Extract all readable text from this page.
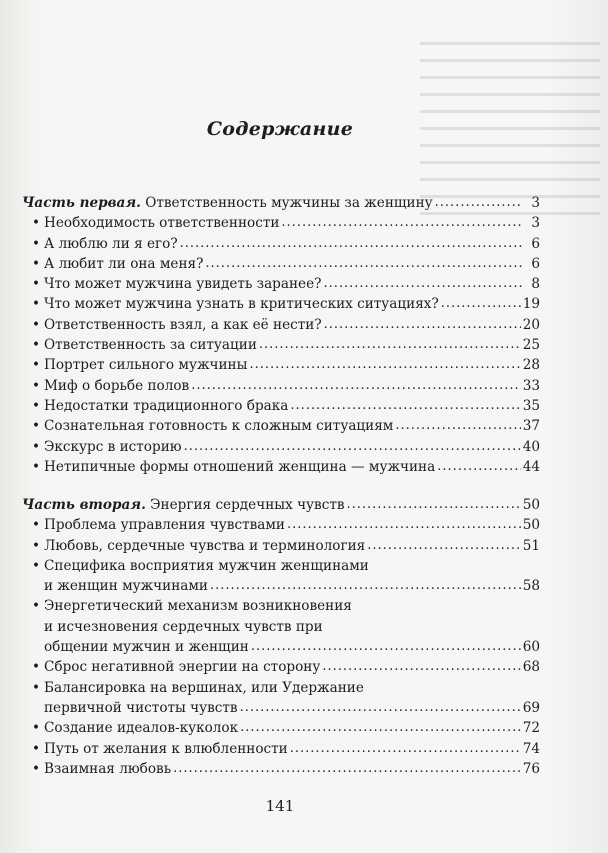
Содержание
Часть первая. Ответственность мужчины за женщину .....	3
• Необходимость ответственности .....	3
• А люблю ли я его? .....	6
• А любит ли она меня? .....	6
• Что может мужчина увидеть заранее? .....	8
• Что может мужчина узнать в критических ситуациях? .....	19
• Ответственность взял, а как её нести? .....	20
• Ответственность за ситуации .....	25
• Портрет сильного мужчины .....	28
• Миф о борьбе полов .....	33
• Недостатки традиционного брака .....	35
• Сознательная готовность к сложным ситуациям .....	37
• Экскурс в историю .....	40
• Нетипичные формы отношений женщина — мужчина .....	44
Часть вторая. Энергия сердечных чувств .....	50
• Проблема управления чувствами .....	50
• Любовь, сердечные чувства и терминология .....	51
• Специфика восприятия мужчин женщинами
и женщин мужчинами .....	58
• Энергетический механизм возникновения
и исчезновения сердечных чувств при
общении мужчин и женщин .....	60
• Сброс негативной энергии на сторону .....	68
• Балансировка на вершинах, или Удержание
первичной чистоты чувств .....	69
• Создание идеалов-куколок .....	72
• Путь от желания к влюбленности .....	74
• Взаимная любовь .....	76
141
